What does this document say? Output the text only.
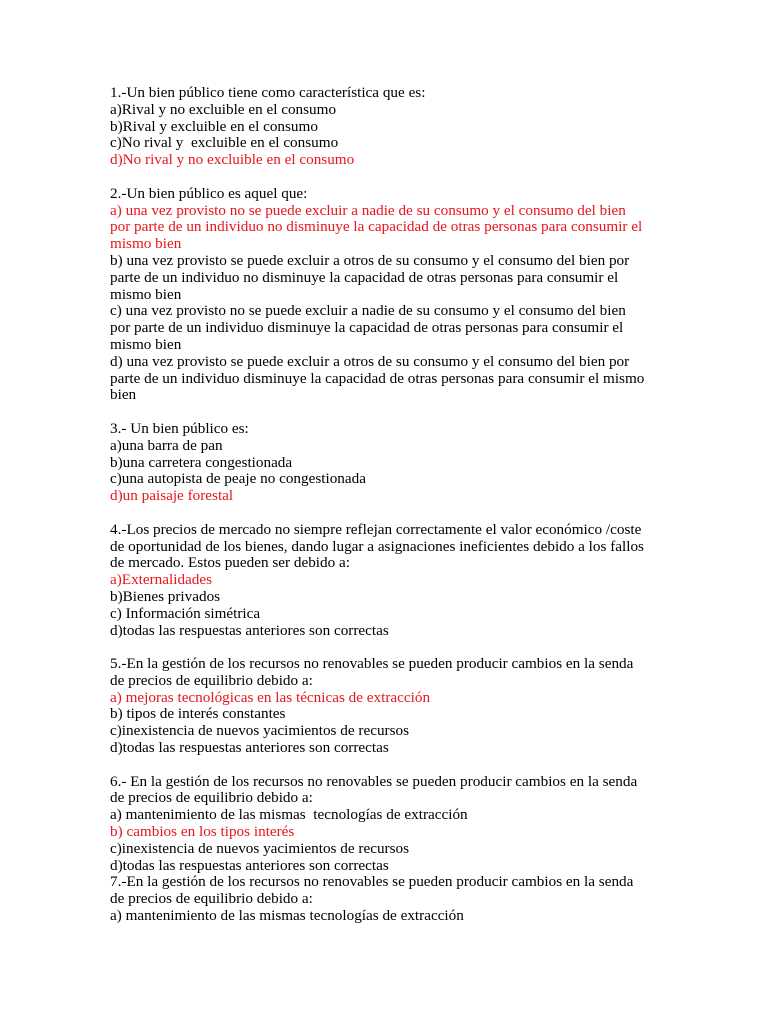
1.-Un bien público tiene como característica que es:
a)Rival y no excluible en el consumo
b)Rival y excluible en el consumo
c)No rival y  excluible en el consumo
d)No rival y no excluible en el consumo
2.-Un bien público es aquel que:
a) una vez provisto no se puede excluir a nadie de su consumo y el consumo del bien
por parte de un individuo no disminuye la capacidad de otras personas para consumir el
mismo bien
b) una vez provisto se puede excluir a otros de su consumo y el consumo del bien por
parte de un individuo no disminuye la capacidad de otras personas para consumir el
mismo bien
c) una vez provisto no se puede excluir a nadie de su consumo y el consumo del bien
por parte de un individuo disminuye la capacidad de otras personas para consumir el
mismo bien
d) una vez provisto se puede excluir a otros de su consumo y el consumo del bien por
parte de un individuo disminuye la capacidad de otras personas para consumir el mismo
bien
3.- Un bien público es:
a)una barra de pan
b)una carretera congestionada
c)una autopista de peaje no congestionada
d)un paisaje forestal
4.-Los precios de mercado no siempre reflejan correctamente el valor económico /coste
de oportunidad de los bienes, dando lugar a asignaciones ineficientes debido a los fallos
de mercado. Estos pueden ser debido a:
a)Externalidades
b)Bienes privados
c) Información simétrica
d)todas las respuestas anteriores son correctas
5.-En la gestión de los recursos no renovables se pueden producir cambios en la senda
de precios de equilibrio debido a:
a) mejoras tecnológicas en las técnicas de extracción
b) tipos de interés constantes
c)inexistencia de nuevos yacimientos de recursos
d)todas las respuestas anteriores son correctas
6.- En la gestión de los recursos no renovables se pueden producir cambios en la senda
de precios de equilibrio debido a:
a) mantenimiento de las mismas  tecnologías de extracción
b) cambios en los tipos interés
c)inexistencia de nuevos yacimientos de recursos
d)todas las respuestas anteriores son correctas
7.-En la gestión de los recursos no renovables se pueden producir cambios en la senda
de precios de equilibrio debido a:
a) mantenimiento de las mismas tecnologías de extracción
